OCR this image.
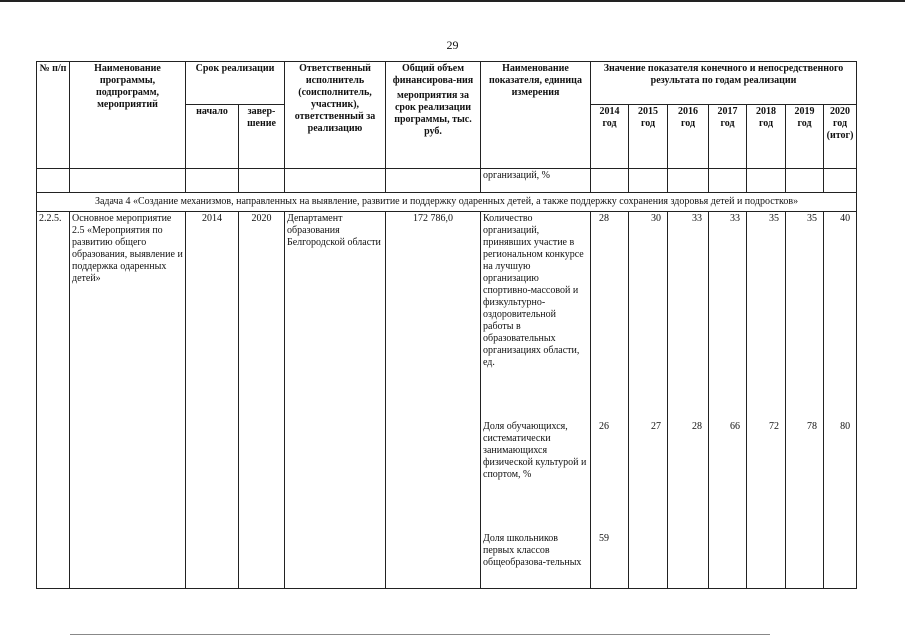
29
№ п/п	Наименование программы, подпрограмм, мероприятий	Срок реализации		Ответственный исполнитель (соисполнитель, участник), ответственный за реализацию	Общий объем финансирова-ния
мероприятия за срок реализации программы, тыс. руб.	Наименование показателя, единица измерения	Значение показателя конечного и непосредственного результата по годам реализации						
		начало	завер-шение				2014 год	2015 год	2016 год	2017 год	2018 год	2019 год	2020 год (итог)
						организаций, %							
Задача 4 «Создание механизмов, направленных на выявление, развитие и поддержку одаренных детей, а также поддержку сохранения здоровья детей и подростков»													
2.2.5.	Основное мероприятие 2.5 «Мероприятия по развитию общего образования, выявление и поддержка одаренных детей»	2014	2020	Департамент образования Белгородской области	172 786,0	Количество организаций, принявших участие в региональном конкурсе на лучшую организацию спортивно-массовой и физкультурно-оздоровительной работы в образовательных организациях области, ед.	28	30	33	33	35	35	40
						Доля обучающихся, систематически занимающихся физической культурой и спортом, %	26	27	28	66	72	78	80
						Доля школьников первых классов общеобразова-тельных	59						
